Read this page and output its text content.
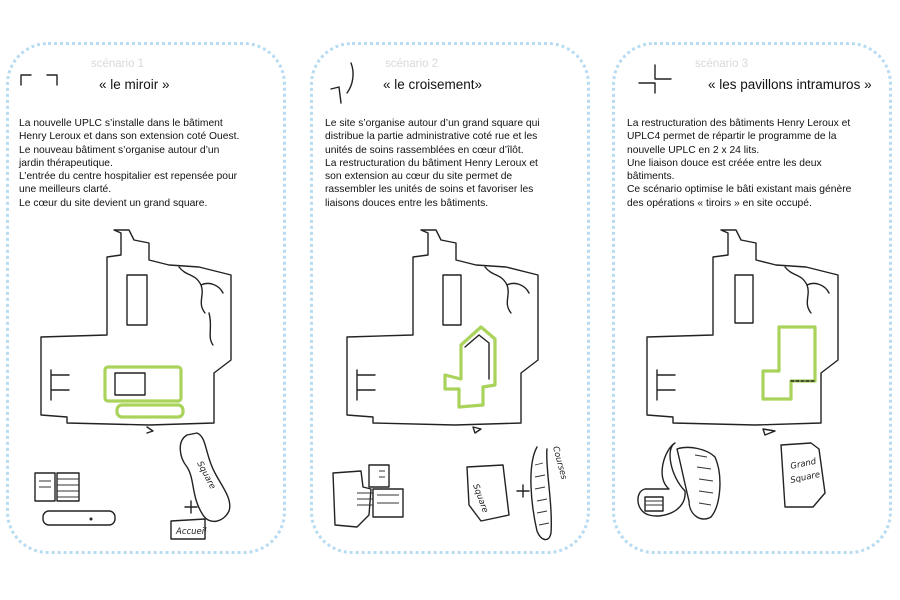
scénario 1
« le miroir »

La nouvelle UPLC s’installe dans le bâtiment

Henry Leroux et dans son extension coté Ouest.

Le nouveau bâtiment s’organise autour d’un

jardin thérapeutique.

L’entrée du centre hospitalier est repensée pour

une meilleurs clarté.

Le cœur du site devient un grand square.

Square
Accueil
scénario 2
« le croisement»

Le site s’organise autour d’un grand square qui

distribue la partie administrative coté rue et les

unités de soins rassemblées en cœur d’îlôt.

La restructuration du bâtiment Henry Leroux et

son extension au cœur du site permet de

rassembler les unités de soins et favoriser les

liaisons douces entre les bâtiments.

Square
Courses
scénario 3
« les pavillons intramuros »

La restructuration des bâtiments Henry Leroux et

UPLC4 permet de répartir le programme de la

nouvelle UPLC en 2 x 24 lits.

Une liaison douce est créée entre les deux

bâtiments.

Ce scénario optimise le bâti existant mais génère

des opérations « tiroirs » en site occupé.

Grand
Square
